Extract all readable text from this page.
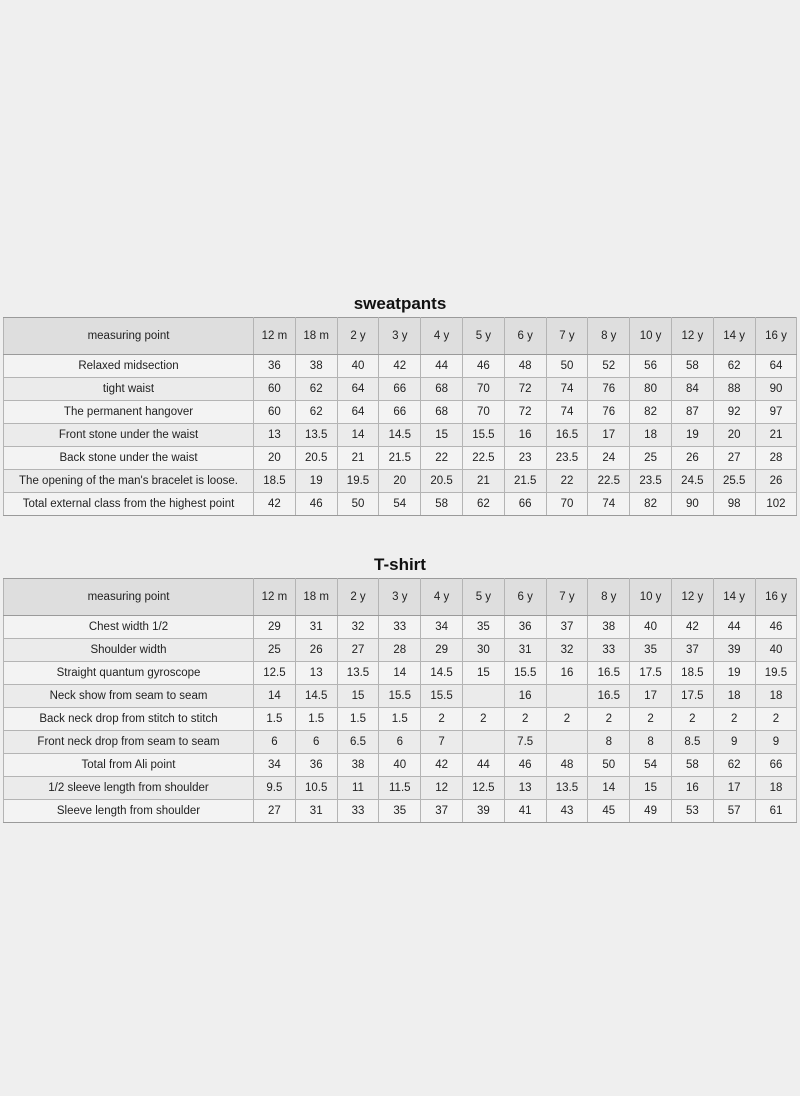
sweatpants
measuring point	12 m	18 m	2 y	3 y	4 y	5 y	6 y	7 y	8 y	10 y	12 y	14 y	16 y
Relaxed midsection	36	38	40	42	44	46	48	50	52	56	58	62	64
tight waist	60	62	64	66	68	70	72	74	76	80	84	88	90
The permanent hangover	60	62	64	66	68	70	72	74	76	82	87	92	97
Front stone under the waist	13	13.5	14	14.5	15	15.5	16	16.5	17	18	19	20	21
Back stone under the waist	20	20.5	21	21.5	22	22.5	23	23.5	24	25	26	27	28
The opening of the man's bracelet is loose.	18.5	19	19.5	20	20.5	21	21.5	22	22.5	23.5	24.5	25.5	26
Total external class from the highest point	42	46	50	54	58	62	66	70	74	82	90	98	102
T-shirt
measuring point	12 m	18 m	2 y	3 y	4 y	5 y	6 y	7 y	8 y	10 y	12 y	14 y	16 y
Chest width 1/2	29	31	32	33	34	35	36	37	38	40	42	44	46
Shoulder width	25	26	27	28	29	30	31	32	33	35	37	39	40
Straight quantum gyroscope	12.5	13	13.5	14	14.5	15	15.5	16	16.5	17.5	18.5	19	19.5
Neck show from seam to seam	14	14.5	15	15.5	15.5		16		16.5	17	17.5	18	18
Back neck drop from stitch to stitch	1.5	1.5	1.5	1.5	2	2	2	2	2	2	2	2	2
Front neck drop from seam to seam	6	6	6.5	6	7		7.5		8	8	8.5	9	9
Total from Ali point	34	36	38	40	42	44	46	48	50	54	58	62	66
1/2 sleeve length from shoulder	9.5	10.5	11	11.5	12	12.5	13	13.5	14	15	16	17	18
Sleeve length from shoulder	27	31	33	35	37	39	41	43	45	49	53	57	61
